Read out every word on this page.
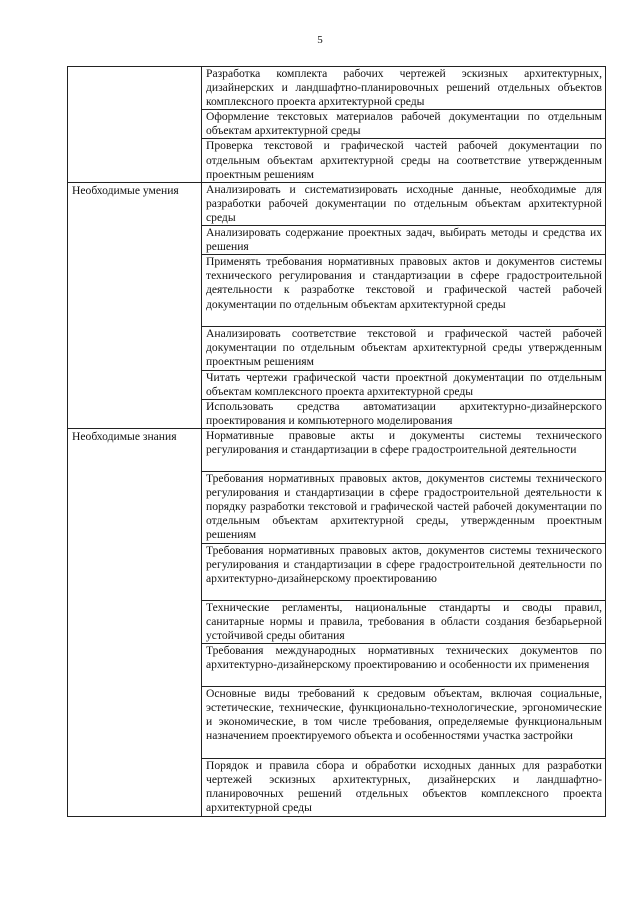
5
	Разработка комплекта рабочих чертежей эскизных архитектурных, дизайнерских и ландшафтно-планировочных решений отдельных объектов комплексного проекта архитектурной среды
	Оформление текстовых материалов рабочей документации по отдельным объектам архитектурной среды
	Проверка текстовой и графической частей рабочей документации по отдельным объектам архитектурной среды на соответствие утвержденным проектным решениям
Необходимые умения	Анализировать и систематизировать исходные данные, необходимые для разработки рабочей документации по отдельным объектам архитектурной среды
	Анализировать содержание проектных задач, выбирать методы и средства их решения
	Применять требования нормативных правовых актов и документов системы технического регулирования и стандартизации в сфере градостроительной деятельности к разработке текстовой и графической частей рабочей документации по отдельным объектам архитектурной среды
	Анализировать соответствие текстовой и графической частей рабочей документации по отдельным объектам архитектурной среды утвержденным проектным решениям
	Читать чертежи графической части проектной документации по отдельным объектам комплексного проекта архитектурной среды
	Использовать средства автоматизации архитектурно-дизайнерского проектирования и компьютерного моделирования
Необходимые знания	Нормативные правовые акты и документы системы технического регулирования и стандартизации в сфере градостроительной деятельности
	Требования нормативных правовых актов, документов системы технического регулирования и стандартизации в сфере градостроительной деятельности к порядку разработки текстовой и графической частей рабочей документации по отдельным объектам архитектурной среды, утвержденным проектным решениям
	Требования нормативных правовых актов, документов системы технического регулирования и стандартизации в сфере градостроительной деятельности по архитектурно-дизайнерскому проектированию
	Технические регламенты, национальные стандарты и своды правил, санитарные нормы и правила, требования в области создания безбарьерной устойчивой среды обитания
	Требования международных нормативных технических документов по архитектурно-дизайнерскому проектированию и особенности их применения
	Основные виды требований к средовым объектам, включая социальные, эстетические, технические, функционально-технологические, эргономические и экономические, в том числе требования, определяемые функциональным назначением проектируемого объекта и особенностями участка застройки
	Порядок и правила сбора и обработки исходных данных для разработки чертежей эскизных архитектурных, дизайнерских и ландшафтно-планировочных решений отдельных объектов комплексного проекта архитектурной среды
